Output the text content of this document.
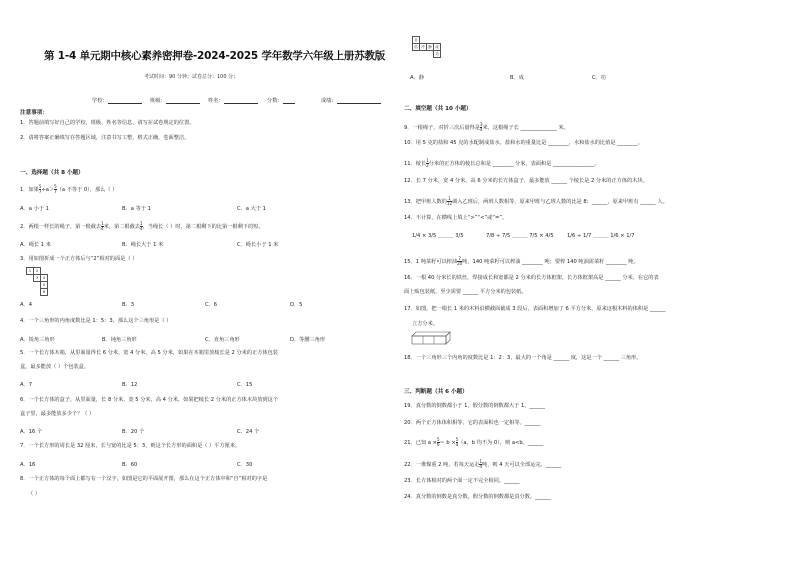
第 1-4 单元期中核心素养密押卷-2024-2025 学年数学六年级上册苏教版
考试时间：90 分钟；试卷总分：100 分；
学校：	班级：	姓名：	分数：	成绩：
注意事项：
1．答题前填写好自己的学校、班级、姓名等信息，请写在试卷规定的位置。
2．请将答案正确填写在答题区域，注意书写工整，格式正确，卷面整洁。
一、选择题（共 8 小题）
1．如果 $\frac{5}{7} \div a> \frac{5}{7} (a$ 不等于 0），那么（ ）
A．a 小于 1	B．a 等于 1	C．a 大于 1
2．两根一样长的绳子，第一根截去 $\frac{1}{4}$ 米，第二根截去 $\frac{1}{4}$ ，当绳长（ ）时，第二根剩下的比第一根剩下的短。
A．绳长 1 米	B．绳长大于 1 米	C．绳长小于 1 米
3．用如图折成一个正方体后与“2”相对的面是（ ）
1	2	
	3	4
		5
		6
A．4	B．3	C．6	D．5
4．一个三角形的内角度数比是 1：5：3，那么这个三角形是（ ）
A．锐角三角形	B．钝角三角形	C．直角三角形	D．等腰三角形
5．一个长方体木箱，从里面量得长 6 分米，宽 4 分米，高 5 分米，如果在木箱里放棱长是 2 分米的正方体包装
盒，最多能放（ ）个包装盒。
A．7	B．12	C．15
6．一个长方体的盒子，从里面量，长 8 分米，宽 5 分米，高 4 分米，如果把棱长 2 分米的正方体木块放到这个
盒子里，最多能放多少个？（ ）
A．16 个	B．20 个	C．24 个
7．一个长方形的周长是 32 厘米，长与宽的比是 5：3，则这个长方形的面积是（ ）平方厘米。
A．16	B．60	C．30
8．一个正方体的每个面上都写有一个汉字，如图是它的平面展开图，那么在这个正方体中和“自”相对的字是
（ ）
自			
信	冷	静	成
			功
A．静	B．成	C．功
二、填空题（共 10 小题）
9．一根绳子，对折三次后量得是 $\frac{3}{4}$ 米，这根绳子长 ______________ 米。
10．用 5 克的盐和 45 克的水配制成盐水，盐和水的重量比是 ________，水和盐水的比值是 ________。
11．棱长 $\frac{1}{2}$ 分米的正方体的棱长总和是 ________ 分米，表面积是 ________________。
12．长 7 分米，宽 4 分米，高 6 分米的长方体盒子，最多能放 ______ 个棱长是 2 分米的正方体的木块。
13．把甲班人数的 $\frac{1}{12}$ 调入乙班后，两班人数相等，原来甲班与乙班人数的比是 8：______，原来甲班有 ______ 人。
14．不计算，在横线上填上“>”“<”或“=”。
1/4 × 3/5 ＿＿＿ 3/5	7/8 ÷ 7/5 ＿＿＿ 7/5 × 4/5	1/6 ÷ 1/7 ＿＿＿ 1/6 × 1/7
15．1 吨菜籽可以榨油 $\frac{7}{20}$ 吨，140 吨菜籽可以榨油 ________ 吨；要榨 140 吨油需菜籽 ________ 吨。
16．一根 40 分米长的铁丝，焊接成长和宽都是 2 分米的长方体框架，长方体框架高是 ______ 分米，在它的表
面上贴包装纸，至少需要 ______ 平方分米的包装纸。
17．如图，把一根长 1 米的木料沿横截面截成 3 段后，表面积增加了 6 平方分米，原来这根木料的体积是 ______
立方分米。
18．一个三角形三个内角的度数比是 1：2：3，最大的一个角是 ______ 度，这是一个 ______ 三角形。
三、判断题（共 6 小题）
19．真分数的倒数都小于 1，假分数的倒数都大于 1。______
20．两个正方体体积相等，它的表面积也一定相等。______
21．已知 $a \times \frac{5}{6} = b \times \frac{5}{4} (a$，b 均不为 0），则 a<b。______
22．一堆煤重 2 吨，若每天运走 $\frac{1}{4}$ 吨，则 4 天可以全部运完。______
23．长方体相对的两个面一定不完全相同。______
24．真分数的倒数是真分数，假分数的倒数都是真分数。______
